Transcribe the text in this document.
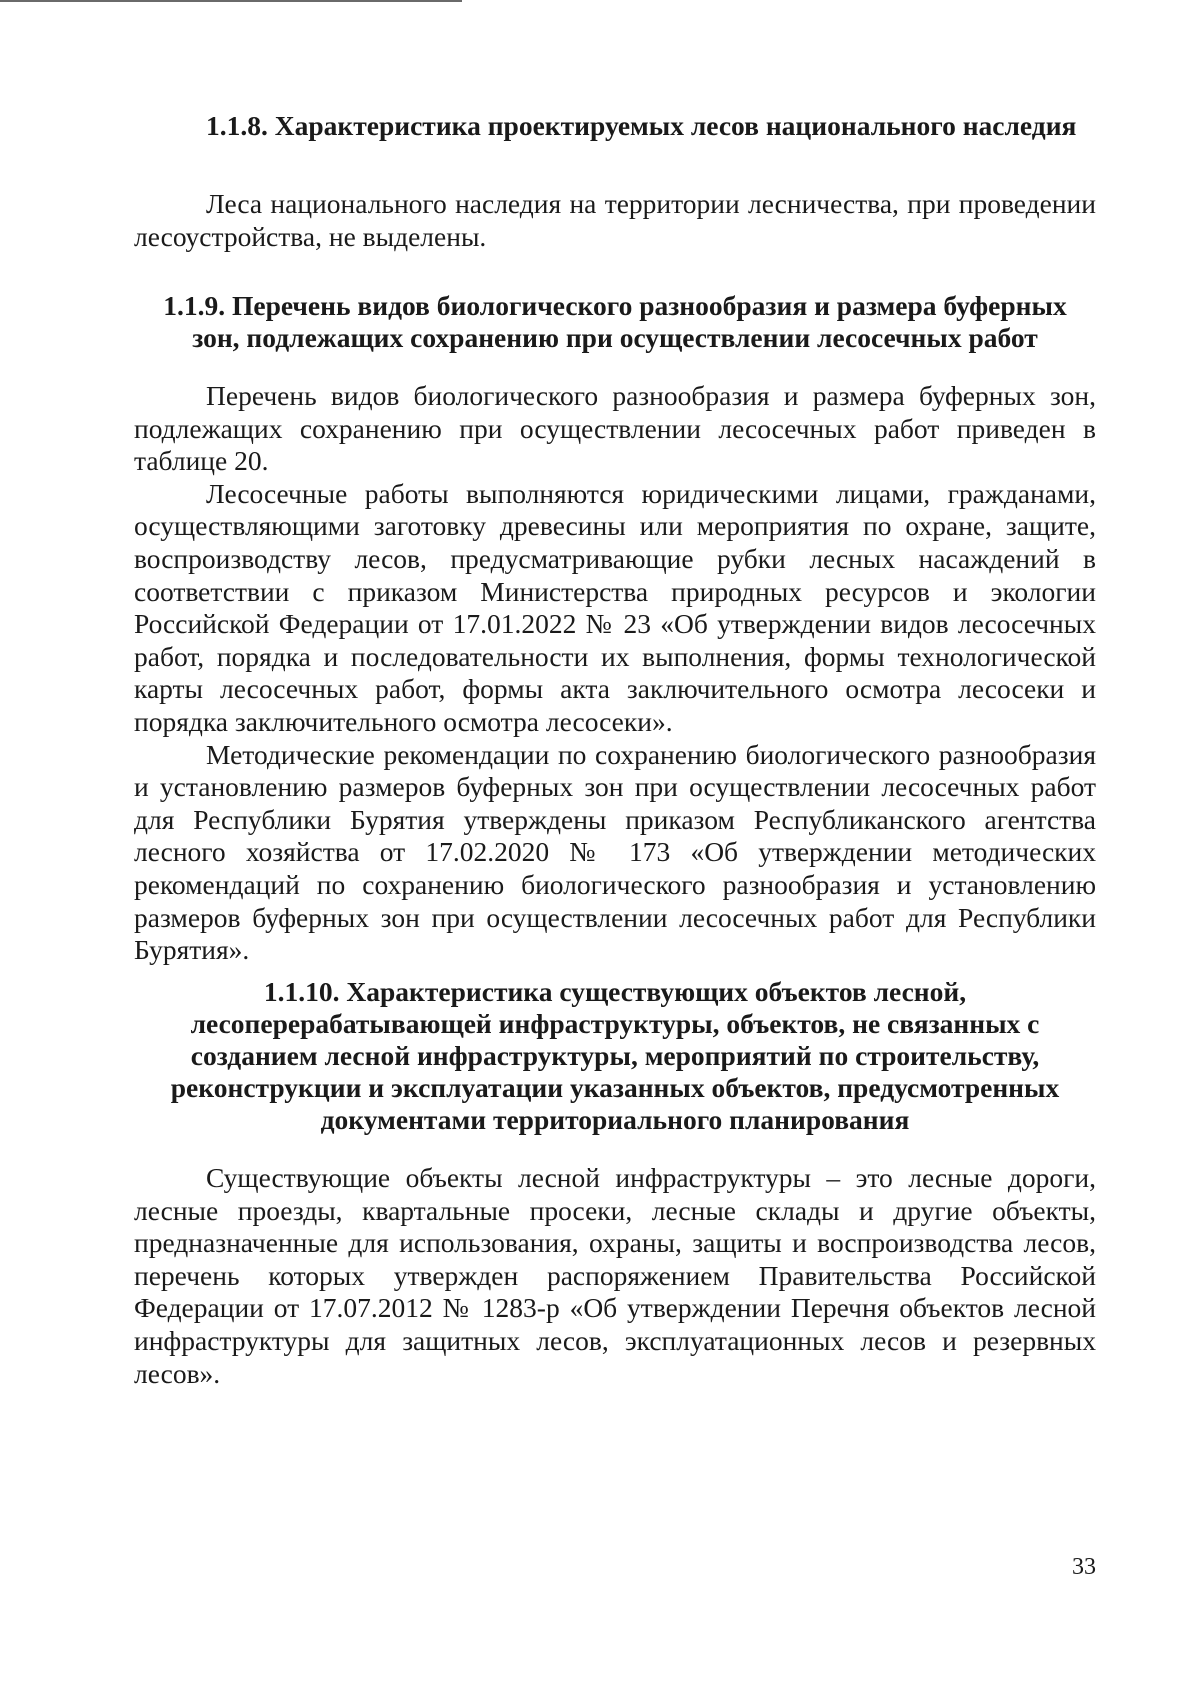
1.1.8. Характеристика проектируемых лесов национального наследия

Леса национального наследия на территории лесничества, при проведении лесоустройства, не выделены.

1.1.9. Перечень видов биологического разнообразия и размера буферных зон, подлежащих сохранению при осуществлении лесосечных работ

Перечень видов биологического разнообразия и размера буферных зон, подлежащих сохранению при осуществлении лесосечных работ приведен в таблице 20.

Лесосечные работы выполняются юридическими лицами, гражданами, осуществляющими заготовку древесины или мероприятия по охране, защите, воспроизводству лесов, предусматривающие рубки лесных насаждений в соответствии с приказом Министерства природных ресурсов и экологии Российской Федерации от 17.01.2022 № 23 «Об утверждении видов лесосечных работ, порядка и последовательности их выполнения, формы технологической карты лесосечных работ, формы акта заключительного осмотра лесосеки и порядка заключительного осмотра лесосеки».

Методические рекомендации по сохранению биологического разнообразия и установлению размеров буферных зон при осуществлении лесосечных работ для Республики Бурятия утверждены приказом Республиканского агентства лесного хозяйства от 17.02.2020 № 173 «Об утверждении методических рекомендаций по сохранению биологического разнообразия и установлению размеров буферных зон при осуществлении лесосечных работ для Республики Бурятия».

1.1.10. Характеристика существующих объектов лесной, лесоперерабатывающей инфраструктуры, объектов, не связанных с созданием лесной инфраструктуры, мероприятий по строительству, реконструкции и эксплуатации указанных объектов, предусмотренных документами территориального планирования

Существующие объекты лесной инфраструктуры – это лесные дороги, лесные проезды, квартальные просеки, лесные склады и другие объекты, предназначенные для использования, охраны, защиты и воспроизводства лесов, перечень которых утвержден распоряжением Правительства Российской Федерации от 17.07.2012 № 1283-р «Об утверждении Перечня объектов лесной инфраструктуры для защитных лесов, эксплуатационных лесов и резервных лесов».

33
